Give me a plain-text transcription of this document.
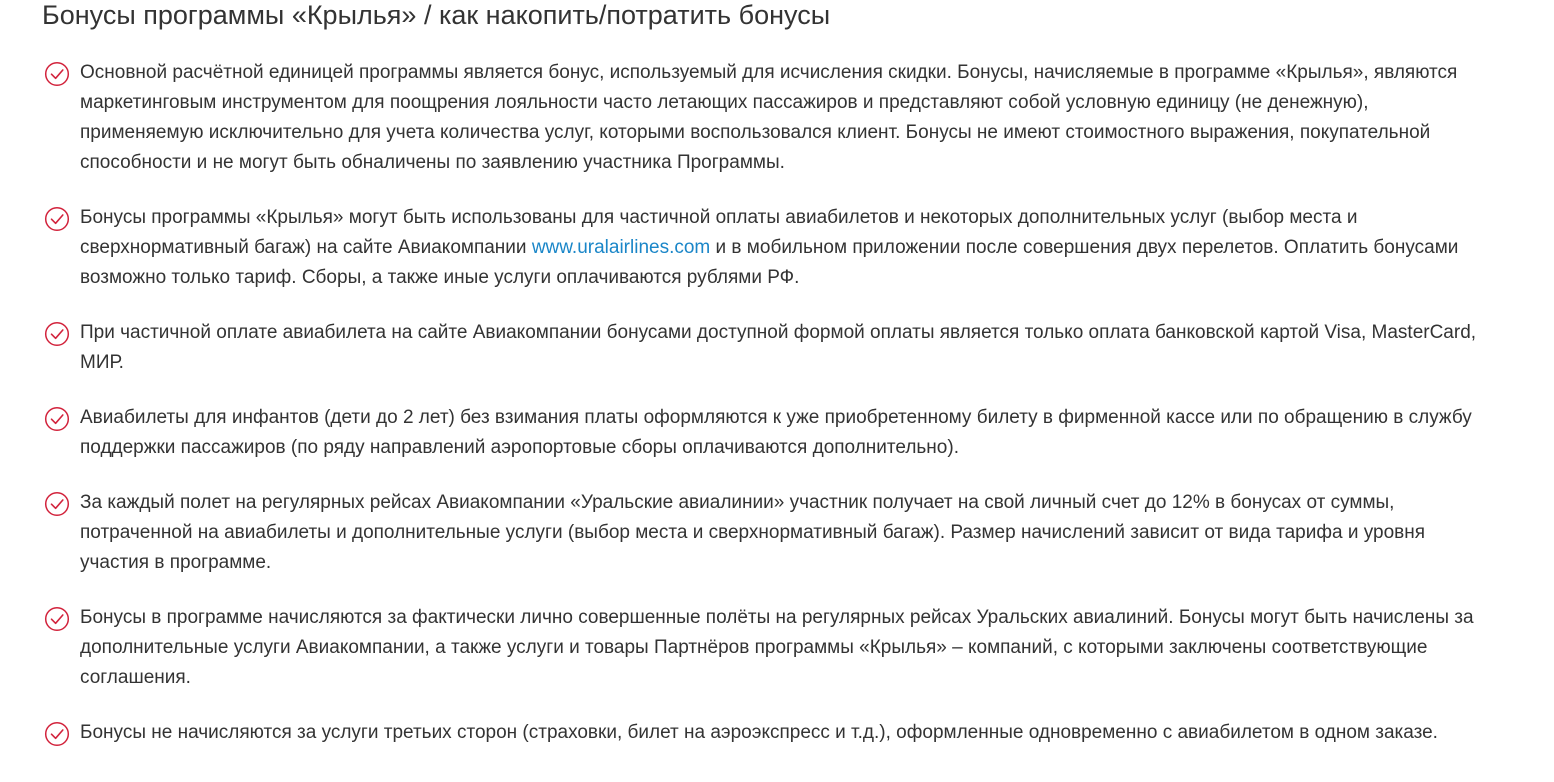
Бонусы программы «Крылья» / как накопить/потратить бонусы
Основной расчётной единицей программы является бонус, используемый для исчисления скидки. Бонусы, начисляемые в программе «Крылья», являются маркетинговым инструментом для поощрения лояльности часто летающих пассажиров и представляют собой условную единицу (не денежную), применяемую исключительно для учета количества услуг, которыми воспользовался клиент. Бонусы не имеют стоимостного выражения, покупательной способности и не могут быть обналичены по заявлению участника Программы.
Бонусы программы «Крылья» могут быть использованы для частичной оплаты авиабилетов и некоторых дополнительных услуг (выбор места и сверхнормативный багаж) на сайте Авиакомпании www.uralairlines.com и в мобильном приложении после совершения двух перелетов. Оплатить бонусами возможно только тариф. Сборы, а также иные услуги оплачиваются рублями РФ.
При частичной оплате авиабилета на сайте Авиакомпании бонусами доступной формой оплаты является только оплата банковской картой Visa, MasterCard, МИР.
Авиабилеты для инфантов (дети до 2 лет) без взимания платы оформляются к уже приобретенному билету в фирменной кассе или по обращению в службу поддержки пассажиров (по ряду направлений аэропортовые сборы оплачиваются дополнительно).
За каждый полет на регулярных рейсах Авиакомпании «Уральские авиалинии» участник получает на свой личный счет до 12% в бонусах от суммы, потраченной на авиабилеты и дополнительные услуги (выбор места и сверхнормативный багаж). Размер начислений зависит от вида тарифа и уровня участия в программе.
Бонусы в программе начисляются за фактически лично совершенные полёты на регулярных рейсах Уральских авиалиний. Бонусы могут быть начислены за дополнительные услуги Авиакомпании, а также услуги и товары Партнёров программы «Крылья» – компаний, с которыми заключены соответствующие соглашения.
Бонусы не начисляются за услуги третьих сторон (страховки, билет на аэроэкспресс и т.д.), оформленные одновременно с авиабилетом в одном заказе.
